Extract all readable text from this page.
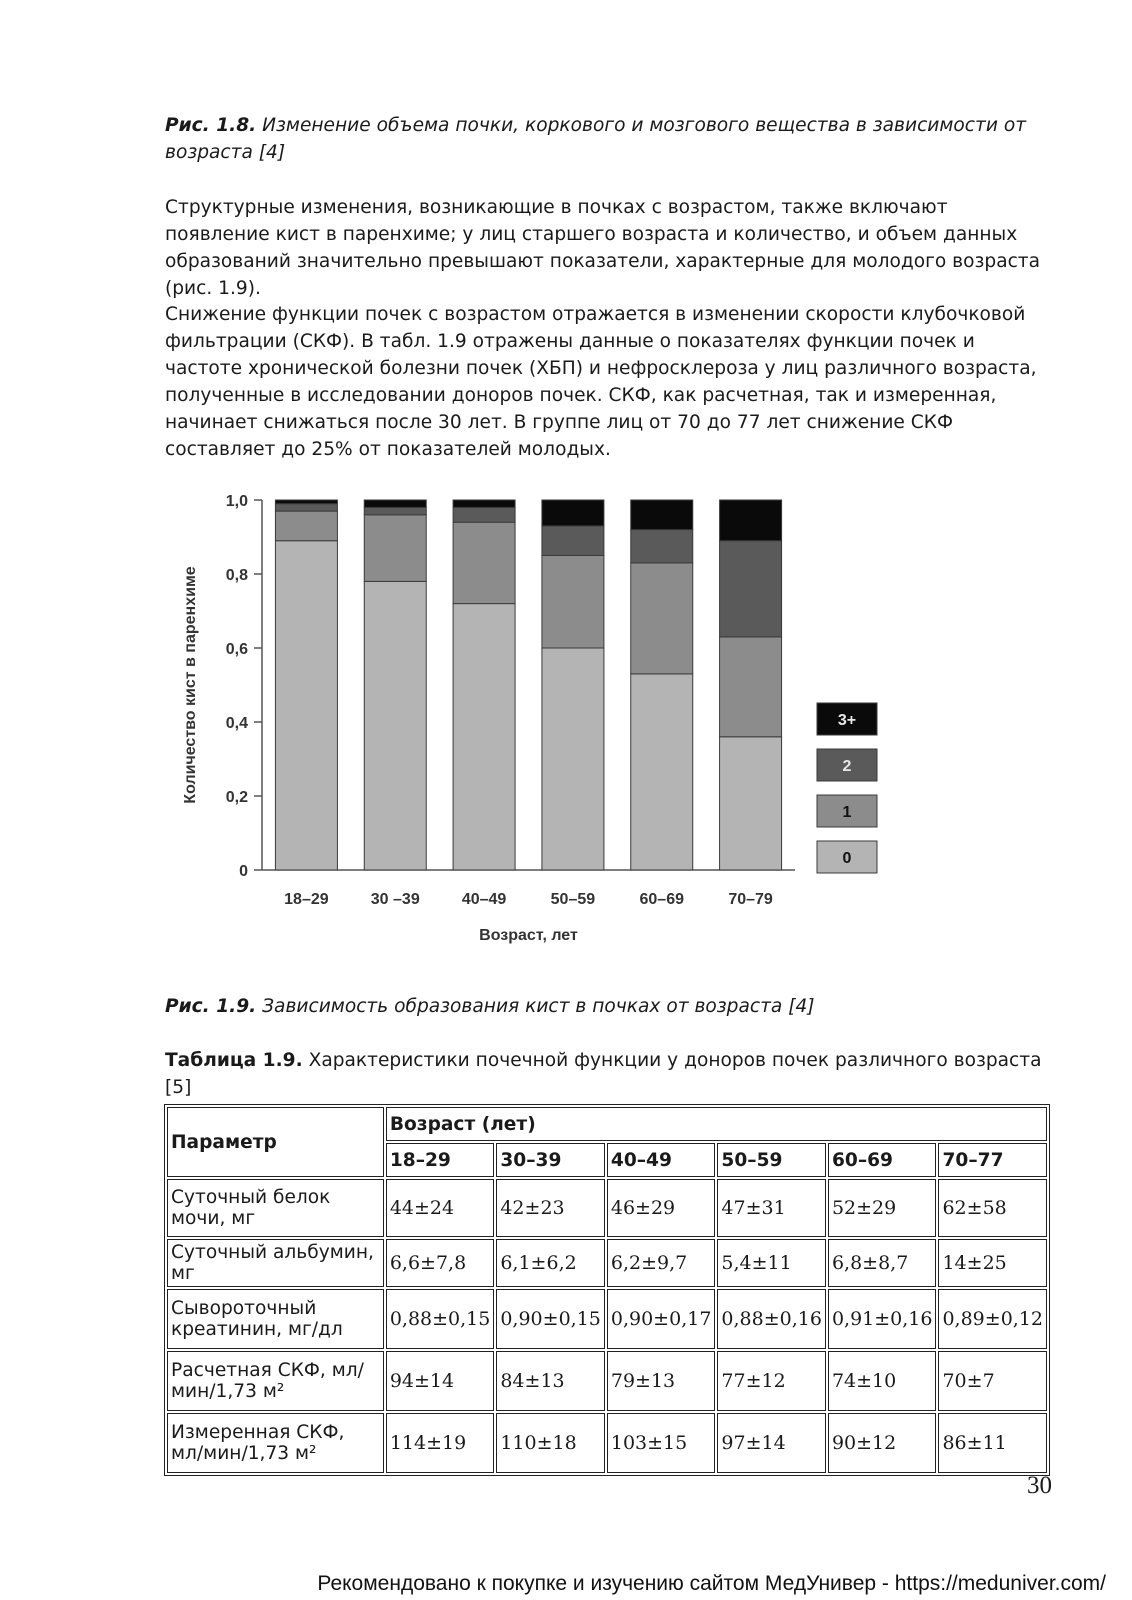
Рис. 1.8. Изменение объема почки, коркового и мозгового вещества в зависимости от возраста [4]
Структурные изменения, возникающие в почках с возрастом, также включают появление кист в паренхиме; у лиц старшего возраста и количество, и объем данных образований значительно превышают показатели, характерные для молодого возраста (рис. 1.9).
Снижение функции почек с возрастом отражается в изменении скорости клубочковой фильтрации (СКФ). В табл. 1.9 отражены данные о показателях функции почек и частоте хронической болезни почек (ХБП) и нефросклероза у лиц различного возраста, полученные в исследовании доноров почек. СКФ, как расчетная, так и измеренная, начинает снижаться после 30 лет. В группе лиц от 70 до 77 лет снижение СКФ составляет до 25% от показателей молодых.
1,0
0,8
0,6
0,4
0,2
0
18–29	30 –39	40–49	50–59	60–69	70–79
Возраст, лет
Количество кист в паренхиме	3+
2
1
0
Рис. 1.9. Зависимость образования кист в почках от возраста [4]
Таблица 1.9. Характеристики почечной функции у доноров почек различного возраста [5]
Параметр	Возраст (лет)					
	18–29	30–39	40–49	50–59	60–69	70–77
Суточный белок мочи, мг	44±24	42±23	46±29	47±31	52±29	62±58
Суточный альбумин, мг	6,6±7,8	6,1±6,2	6,2±9,7	5,4±11	6,8±8,7	14±25
Сывороточный креатинин, мг/дл	0,88±0,15	0,90±0,15	0,90±0,17	0,88±0,16	0,91±0,16	0,89±0,12
Расчетная СКФ, мл/мин/1,73 м²	94±14	84±13	79±13	77±12	74±10	70±7
Измеренная СКФ, мл/мин/1,73 м²	114±19	110±18	103±15	97±14	90±12	86±11
30
Рекомендовано к покупке и изучению сайтом МедУнивер - https://meduniver.com/
